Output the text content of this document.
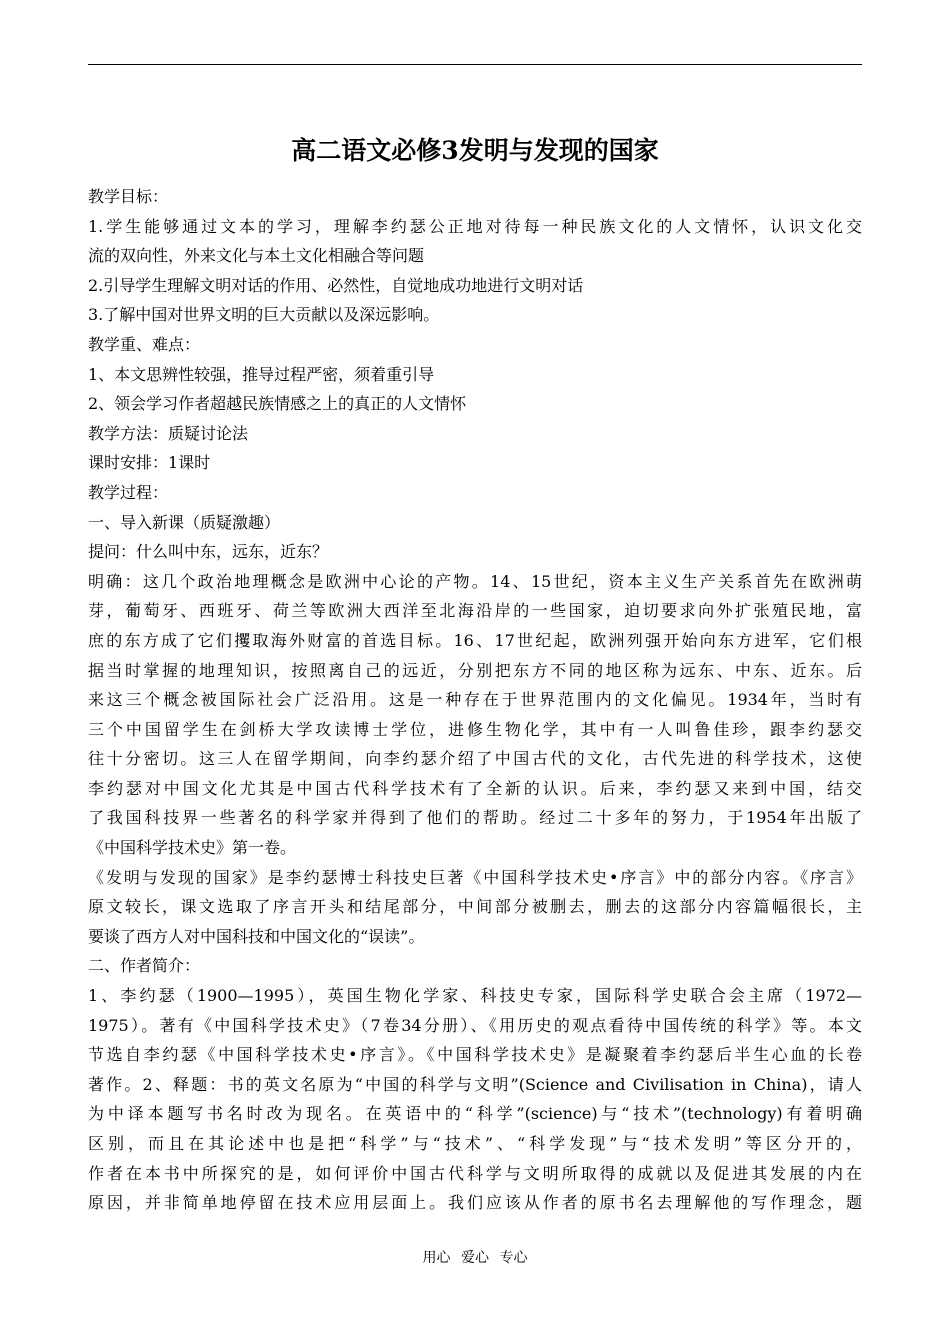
高二语文必修3发明与发现的国家
教学目标：
1.学生能够通过文本的学习，理解李约瑟公正地对待每一种民族文化的人文情怀，认识文化交
流的双向性，外来文化与本土文化相融合等问题
2.引导学生理解文明对话的作用、必然性，自觉地成功地进行文明对话
3.了解中国对世界文明的巨大贡献以及深远影响。
教学重、难点：
1、本文思辨性较强，推导过程严密，须着重引导
2、领会学习作者超越民族情感之上的真正的人文情怀
教学方法：质疑讨论法
课时安排：1课时
教学过程：
一、导入新课（质疑激趣）
提问：什么叫中东，远东，近东？
明确：这几个政治地理概念是欧洲中心论的产物。14、15世纪，资本主义生产关系首先在欧洲萌
芽，葡萄牙、西班牙、荷兰等欧洲大西洋至北海沿岸的一些国家，迫切要求向外扩张殖民地，富
庶的东方成了它们攫取海外财富的首选目标。16、17世纪起，欧洲列强开始向东方进军，它们根
据当时掌握的地理知识，按照离自己的远近，分别把东方不同的地区称为远东、中东、近东。后
来这三个概念被国际社会广泛沿用。这是一种存在于世界范围内的文化偏见。1934年，当时有
三个中国留学生在剑桥大学攻读博士学位，进修生物化学，其中有一人叫鲁佳珍，跟李约瑟交
往十分密切。这三人在留学期间，向李约瑟介绍了中国古代的文化，古代先进的科学技术，这使
李约瑟对中国文化尤其是中国古代科学技术有了全新的认识。后来，李约瑟又来到中国，结交
了我国科技界一些著名的科学家并得到了他们的帮助。经过二十多年的努力，于1954年出版了
《中国科学技术史》第一卷。
《发明与发现的国家》是李约瑟博士科技史巨著《中国科学技术史•序言》中的部分内容。《序言》
原文较长，课文选取了序言开头和结尾部分，中间部分被删去，删去的这部分内容篇幅很长，主
要谈了西方人对中国科技和中国文化的“误读”。
二、作者简介：
1、李约瑟（1900—1995），英国生物化学家、科技史专家，国际科学史联合会主席（1972—
1975）。著有《中国科学技术史》（7卷34分册）、《用历史的观点看待中国传统的科学》等。本文
节选自李约瑟《中国科学技术史•序言》。《中国科学技术史》是凝聚着李约瑟后半生心血的长卷
著作。2、释题：书的英文名原为“中国的科学与文明”(Science and Civilisation in China)，请人
为中译本题写书名时改为现名。在英语中的“科学”(science)与“技术”(technology)有着明确
区别，而且在其论述中也是把“科学”与“技术”、“科学发现”与“技术发明”等区分开的，
作者在本书中所探究的是，如何评价中国古代科学与文明所取得的成就以及促进其发展的内在
原因，并非简单地停留在技术应用层面上。我们应该从作者的原书名去理解他的写作理念，题
用心 爱心 专心
